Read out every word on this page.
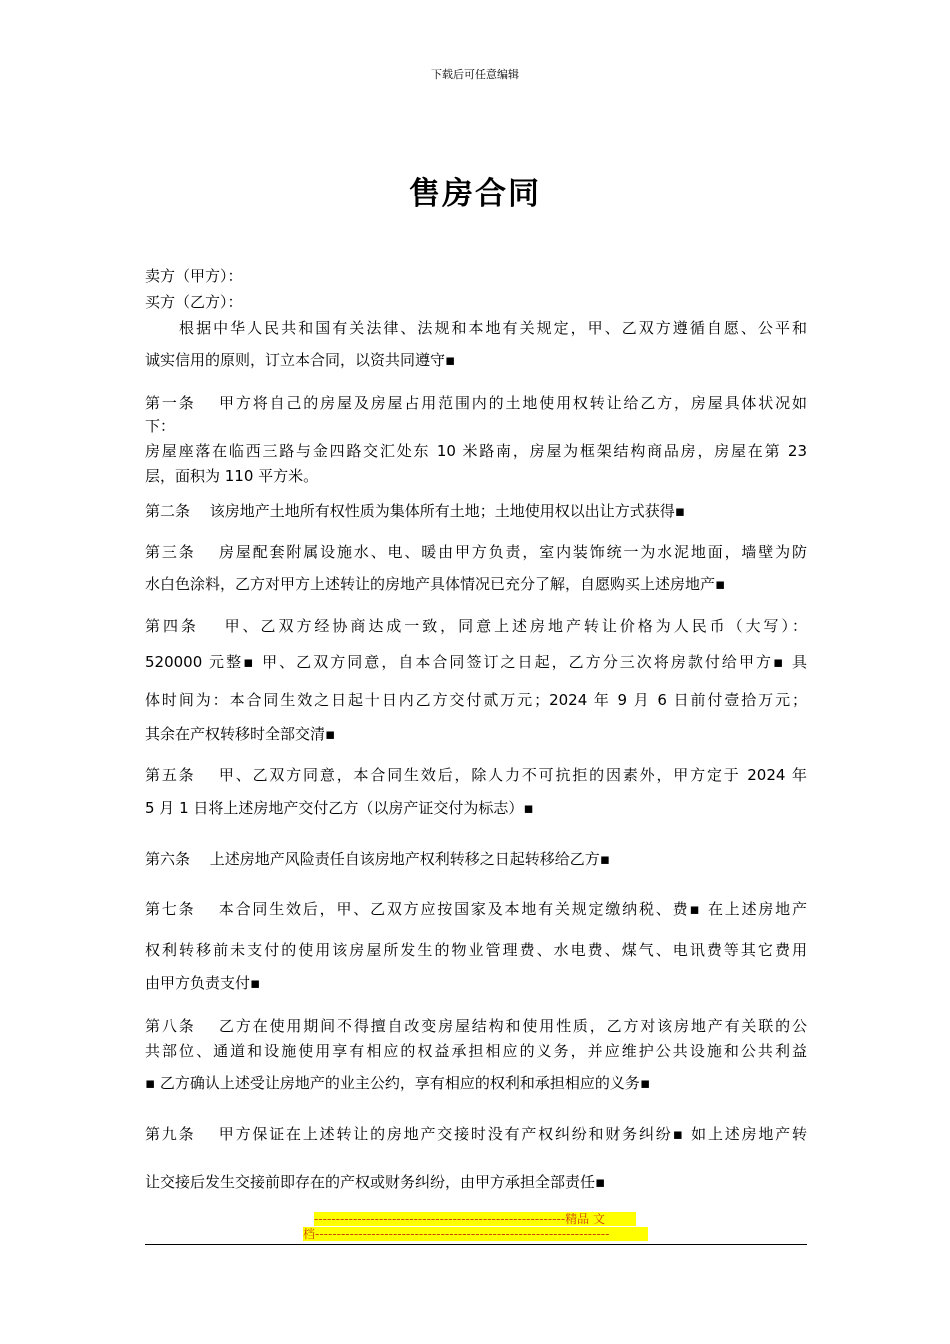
下载后可任意编辑
售房合同
卖方（甲方）：
买方（乙方）：
　　根据中华人民共和国有关法律、法规和本地有关规定，甲、乙双方遵循自愿、公平和
诚实信用的原则，订立本合同，以资共同遵守▪
第一条　 甲方将自己的房屋及房屋占用范围内的土地使用权转让给乙方，房屋具体状况如
下：
房屋座落在临西三路与金四路交汇处东 10 米路南，房屋为框架结构商品房，房屋在第 23
层，面积为 110 平方米。
第二条　 该房地产土地所有权性质为集体所有土地；土地使用权以出让方式获得▪
第三条　 房屋配套附属设施水、电、暖由甲方负责，室内装饰统一为水泥地面，墙壁为防
水白色涂料，乙方对甲方上述转让的房地产具体情况已充分了解，自愿购买上述房地产▪
第四条　 甲、乙双方经协商达成一致，同意上述房地产转让价格为人民币（大写）：
520000 元整▪ 甲、乙双方同意，自本合同签订之日起，乙方分三次将房款付给甲方▪ 具
体时间为：本合同生效之日起十日内乙方交付贰万元；2024 年 9 月 6 日前付壹拾万元；
其余在产权转移时全部交清▪
第五条　 甲、乙双方同意，本合同生效后，除人力不可抗拒的因素外，甲方定于 2024 年
5 月 1 日将上述房地产交付乙方（以房产证交付为标志）▪
第六条　 上述房地产风险责任自该房地产权利转移之日起转移给乙方▪
第七条　 本合同生效后，甲、乙双方应按国家及本地有关规定缴纳税、费▪ 在上述房地产
权利转移前未支付的使用该房屋所发生的物业管理费、水电费、煤气、电讯费等其它费用
由甲方负责支付▪
第八条　 乙方在使用期间不得擅自改变房屋结构和使用性质，乙方对该房地产有关联的公
共部位、通道和设施使用享有相应的权益承担相应的义务，并应维护公共设施和公共利益
▪ 乙方确认上述受让房地产的业主公约，享有相应的权利和承担相应的义务▪
第九条　 甲方保证在上述转让的房地产交接时没有产权纠纷和财务纠纷▪ 如上述房地产转
让交接后发生交接前即存在的产权或财务纠纷，由甲方承担全部责任▪
----------------------------------------------------------精品 文
档--------------------------------------------------------------------
